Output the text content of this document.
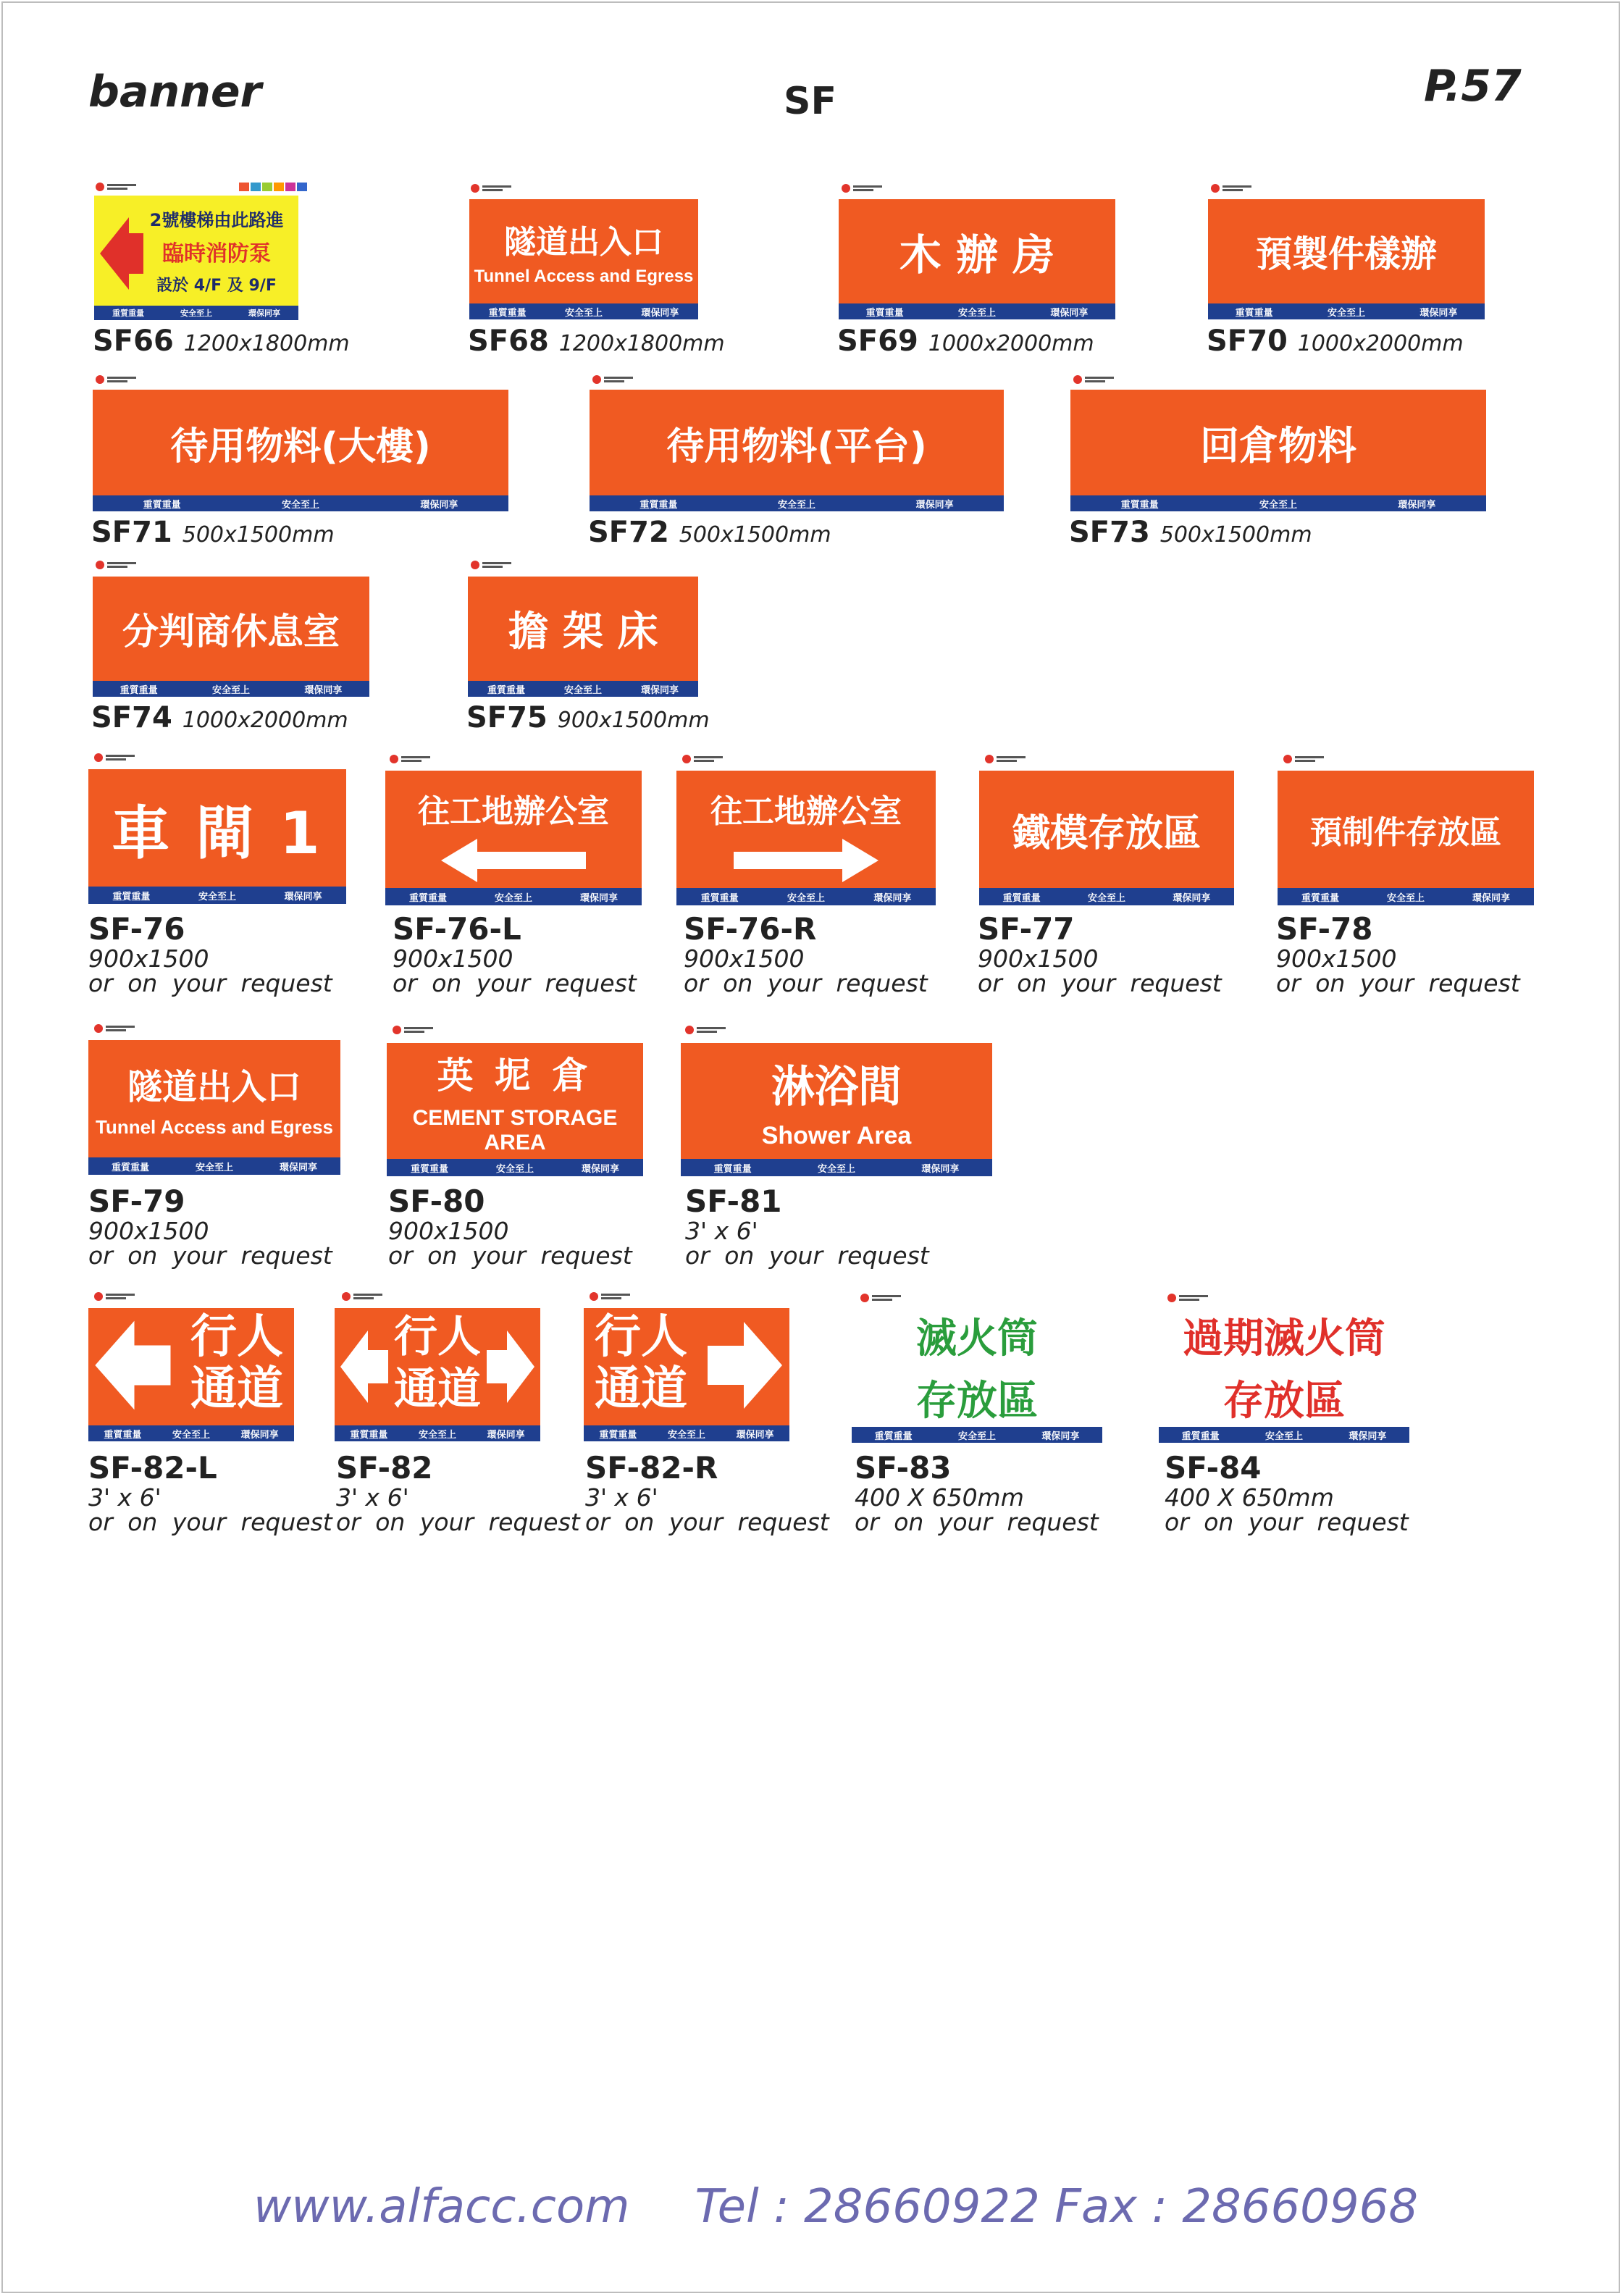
banner	SF	P.57
2號樓梯由此路進
臨時消防泵
設於 4/F 及 9/F
重質重量	安全至上	環保同享
SF66 1200x1800mm
隧道出入口
Tunnel Access and Egress
重質重量	安全至上	環保同享
SF68 1200x1800mm
木 辦 房
重質重量	安全至上	環保同享
SF69 1000x2000mm
預製件樣辦
重質重量	安全至上	環保同享
SF70 1000x2000mm
待用物料(大樓)
重質重量	安全至上	環保同享
SF71 500x1500mm
待用物料(平台)
重質重量	安全至上	環保同享
SF72 500x1500mm
回倉物料
重質重量	安全至上	環保同享
SF73 500x1500mm
分判商休息室
重質重量	安全至上	環保同享
SF74 1000x2000mm
擔 架 床
重質重量	安全至上	環保同享
SF75 900x1500mm
車 閘 1
重質重量	安全至上	環保同享
往工地辦公室
重質重量	安全至上	環保同享
往工地辦公室
重質重量	安全至上	環保同享
鐵模存放區
重質重量	安全至上	環保同享
預制件存放區
重質重量	安全至上	環保同享
SF-76
900x1500
or on your request
SF-76-L
900x1500
or on your request
SF-76-R
900x1500
or on your request
SF-77
900x1500
or on your request
SF-78
900x1500
or on your request
隧道出入口
Tunnel Access and Egress
重質重量	安全至上	環保同享
英 坭 倉
CEMENT STORAGE AREA
重質重量	安全至上	環保同享
淋浴間
Shower Area
重質重量	安全至上	環保同享
SF-79
900x1500
or on your request
SF-80
900x1500
or on your request
SF-81
3' x 6'
or on your request
行人
通道
重質重量	安全至上	環保同享
行人
通道
重質重量	安全至上	環保同享
行人
通道
重質重量	安全至上	環保同享
滅火筒
存放區
重質重量	安全至上	環保同享
過期滅火筒
存放區
重質重量	安全至上	環保同享
SF-82-L
3' x 6'
or on your request
SF-82
3' x 6'
or on your request
SF-82-R
3' x 6'
or on your request
SF-83
400 X 650mm
or on your request
SF-84
400 X 650mm
or on your request
www.alfacc.com Tel : 28660922 Fax : 28660968
